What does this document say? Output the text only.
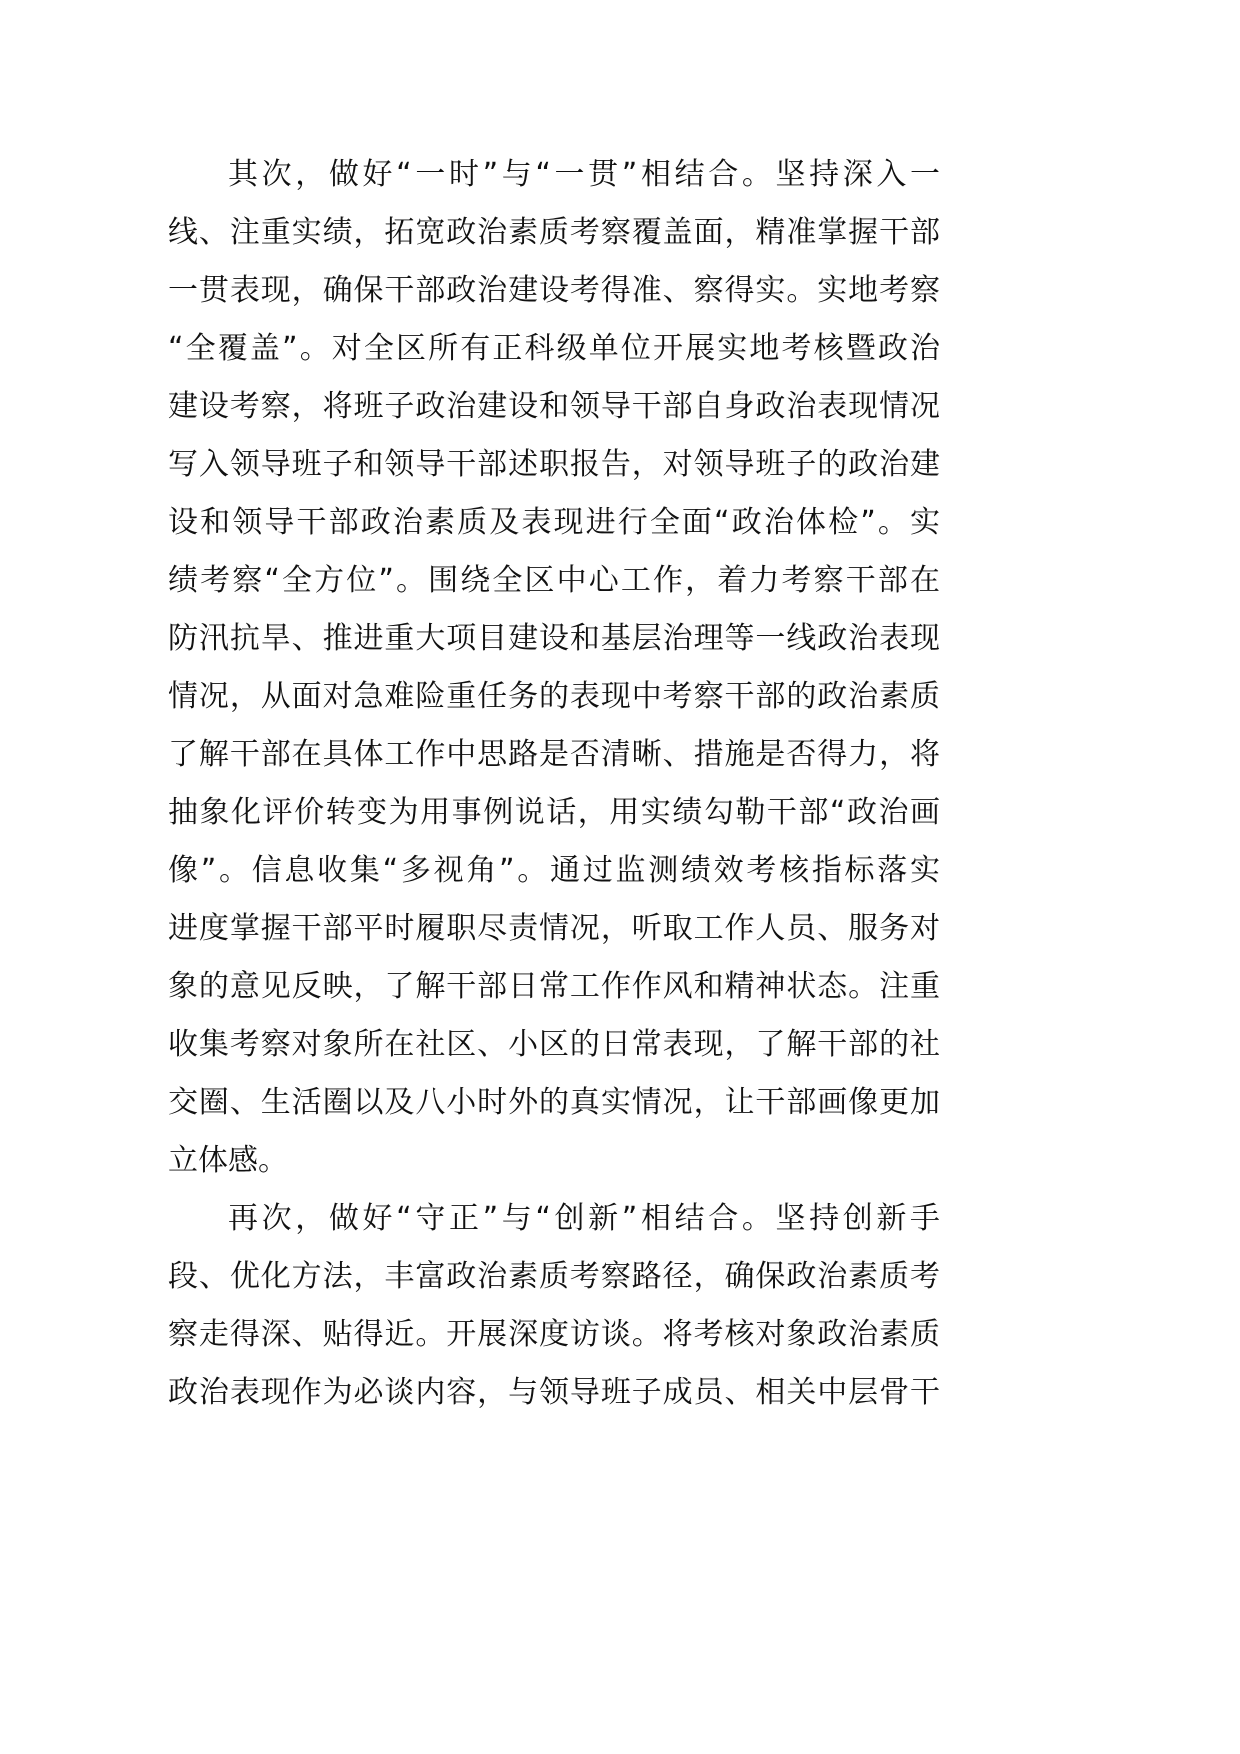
其次，做好“一时”与“一贯”相结合。坚持深入一
线、注重实绩，拓宽政治素质考察覆盖面，精准掌握干部
一贯表现，确保干部政治建设考得准、察得实。实地考察
“全覆盖”。对全区所有正科级单位开展实地考核暨政治
建设考察，将班子政治建设和领导干部自身政治表现情况
写入领导班子和领导干部述职报告，对领导班子的政治建
设和领导干部政治素质及表现进行全面“政治体检”。实
绩考察“全方位”。围绕全区中心工作，着力考察干部在
防汛抗旱、推进重大项目建设和基层治理等一线政治表现
情况，从面对急难险重任务的表现中考察干部的政治素质
了解干部在具体工作中思路是否清晰、措施是否得力，将
抽象化评价转变为用事例说话，用实绩勾勒干部“政治画
像”。信息收集“多视角”。通过监测绩效考核指标落实
进度掌握干部平时履职尽责情况，听取工作人员、服务对
象的意见反映，了解干部日常工作作风和精神状态。注重
收集考察对象所在社区、小区的日常表现，了解干部的社
交圈、生活圈以及八小时外的真实情况，让干部画像更加
立体感。
再次，做好“守正”与“创新”相结合。坚持创新手
段、优化方法，丰富政治素质考察路径，确保政治素质考
察走得深、贴得近。开展深度访谈。将考核对象政治素质
政治表现作为必谈内容，与领导班子成员、相关中层骨干
